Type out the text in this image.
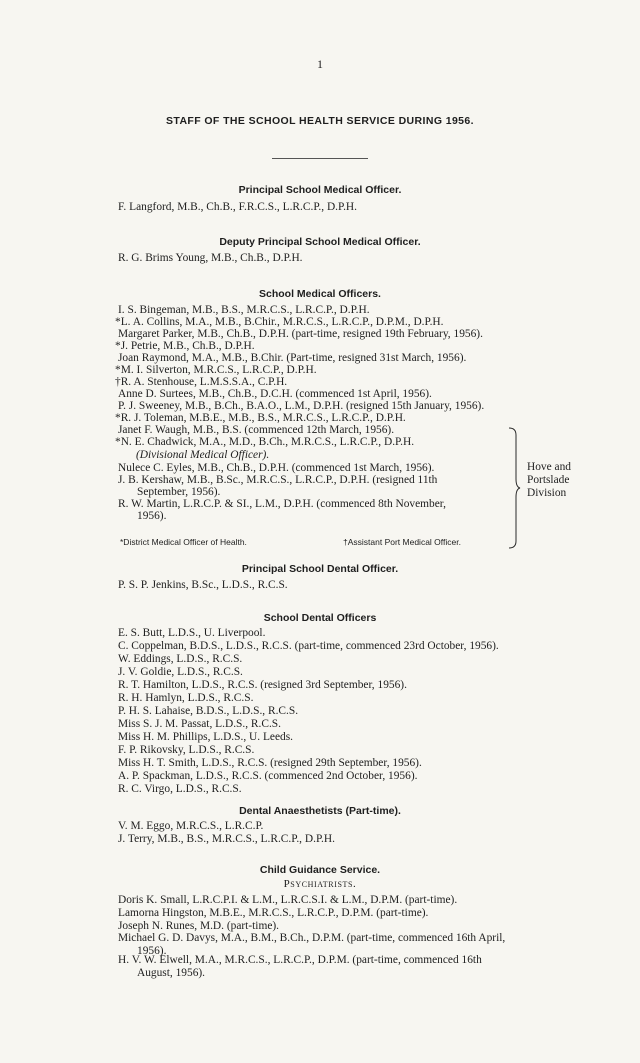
1
STAFF OF THE SCHOOL HEALTH SERVICE DURING 1956.
Principal School Medical Officer.
F. Langford, M.B., Ch.B., F.R.C.S., L.R.C.P., D.P.H.
Deputy Principal School Medical Officer.
R. G. Brims Young, M.B., Ch.B., D.P.H.
School Medical Officers.
I. S. Bingeman, M.B., B.S., M.R.C.S., L.R.C.P., D.P.H.
*L. A. Collins, M.A., M.B., B.Chir., M.R.C.S., L.R.C.P., D.P.M., D.P.H.
Margaret Parker, M.B., Ch.B., D.P.H. (part-time, resigned 19th February, 1956).
*J. Petrie, M.B., Ch.B., D.P.H.
Joan Raymond, M.A., M.B., B.Chir. (Part-time, resigned 31st March, 1956).
*M. I. Silverton, M.R.C.S., L.R.C.P., D.P.H.
†R. A. Stenhouse, L.M.S.S.A., C.P.H.
Anne D. Surtees, M.B., Ch.B., D.C.H. (commenced 1st April, 1956).
P. J. Sweeney, M.B., B.Ch., B.A.O., L.M., D.P.H. (resigned 15th January, 1956).
*R. J. Toleman, M.B.E., M.B., B.S., M.R.C.S., L.R.C.P., D.P.H.
Janet F. Waugh, M.B., B.S. (commenced 12th March, 1956).
*N. E. Chadwick, M.A., M.D., B.Ch., M.R.C.S., L.R.C.P., D.P.H.
(Divisional Medical Officer).
Nulece C. Eyles, M.B., Ch.B., D.P.H. (commenced 1st March, 1956).
J. B. Kershaw, M.B., B.Sc., M.R.C.S., L.R.C.P., D.P.H. (resigned 11th
September, 1956).
R. W. Martin, L.R.C.P. & SI., L.M., D.P.H. (commenced 8th November,
1956).
Hove and
Portslade
Division
*District Medical Officer of Health.	†Assistant Port Medical Officer.
Principal School Dental Officer.
P. S. P. Jenkins, B.Sc., L.D.S., R.C.S.
School Dental Officers
E. S. Butt, L.D.S., U. Liverpool.
C. Coppelman, B.D.S., L.D.S., R.C.S. (part-time, commenced 23rd October, 1956).
W. Eddings, L.D.S., R.C.S.
J. V. Goldie, L.D.S., R.C.S.
R. T. Hamilton, L.D.S., R.C.S. (resigned 3rd September, 1956).
R. H. Hamlyn, L.D.S., R.C.S.
P. H. S. Lahaise, B.D.S., L.D.S., R.C.S.
Miss S. J. M. Passat, L.D.S., R.C.S.
Miss H. M. Phillips, L.D.S., U. Leeds.
F. P. Rikovsky, L.D.S., R.C.S.
Miss H. T. Smith, L.D.S., R.C.S. (resigned 29th September, 1956).
A. P. Spackman, L.D.S., R.C.S. (commenced 2nd October, 1956).
R. C. Virgo, L.D.S., R.C.S.
Dental Anaesthetists (Part-time).
V. M. Eggo, M.R.C.S., L.R.C.P.
J. Terry, M.B., B.S., M.R.C.S., L.R.C.P., D.P.H.
Child Guidance Service.
Psychiatrists.
Doris K. Small, L.R.C.P.I. & L.M., L.R.C.S.I. & L.M., D.P.M. (part-time).
Lamorna Hingston, M.B.E., M.R.C.S., L.R.C.P., D.P.M. (part-time).
Joseph N. Runes, M.D. (part-time).
Michael G. D. Davys, M.A., B.M., B.Ch., D.P.M. (part-time, commenced 16th April,
1956).
H. V. W. Elwell, M.A., M.R.C.S., L.R.C.P., D.P.M. (part-time, commenced 16th
August, 1956).
